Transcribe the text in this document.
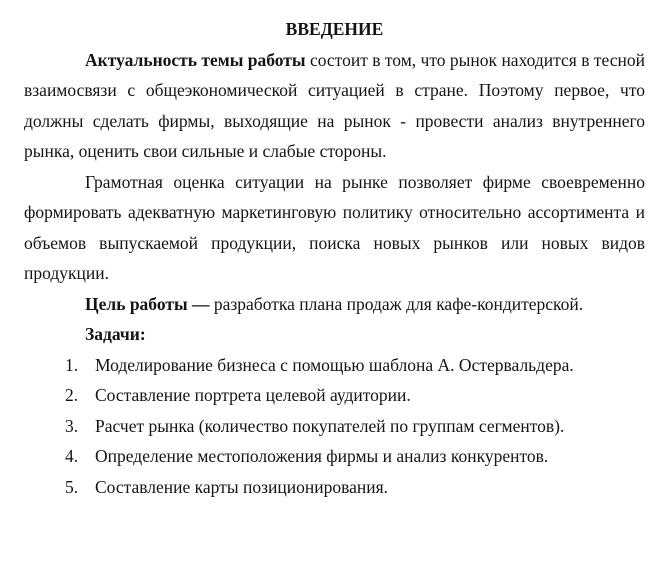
ВВЕДЕНИЕ

Актуальность темы работы состоит в том, что рынок находится в тесной взаимосвязи с общеэкономической ситуацией в стране. Поэтому первое, что должны сделать фирмы, выходящие на рынок - провести анализ внутреннего рынка, оценить свои сильные и слабые стороны.

Грамотная оценка ситуации на рынке позволяет фирме своевременно формировать адекватную маркетинговую политику относительно ассортимента и объемов выпускаемой продукции, поиска новых рынков или новых видов продукции.

Цель работы — разработка плана продаж для кафе-кондитерской.

Задачи:

1. Моделирование бизнеса с помощью шаблона А. Остервальдера.
2. Составление портрета целевой аудитории.
3. Расчет рынка (количество покупателей по группам сегментов).
4. Определение местоположения фирмы и анализ конкурентов.
5. Составление карты позиционирования.
